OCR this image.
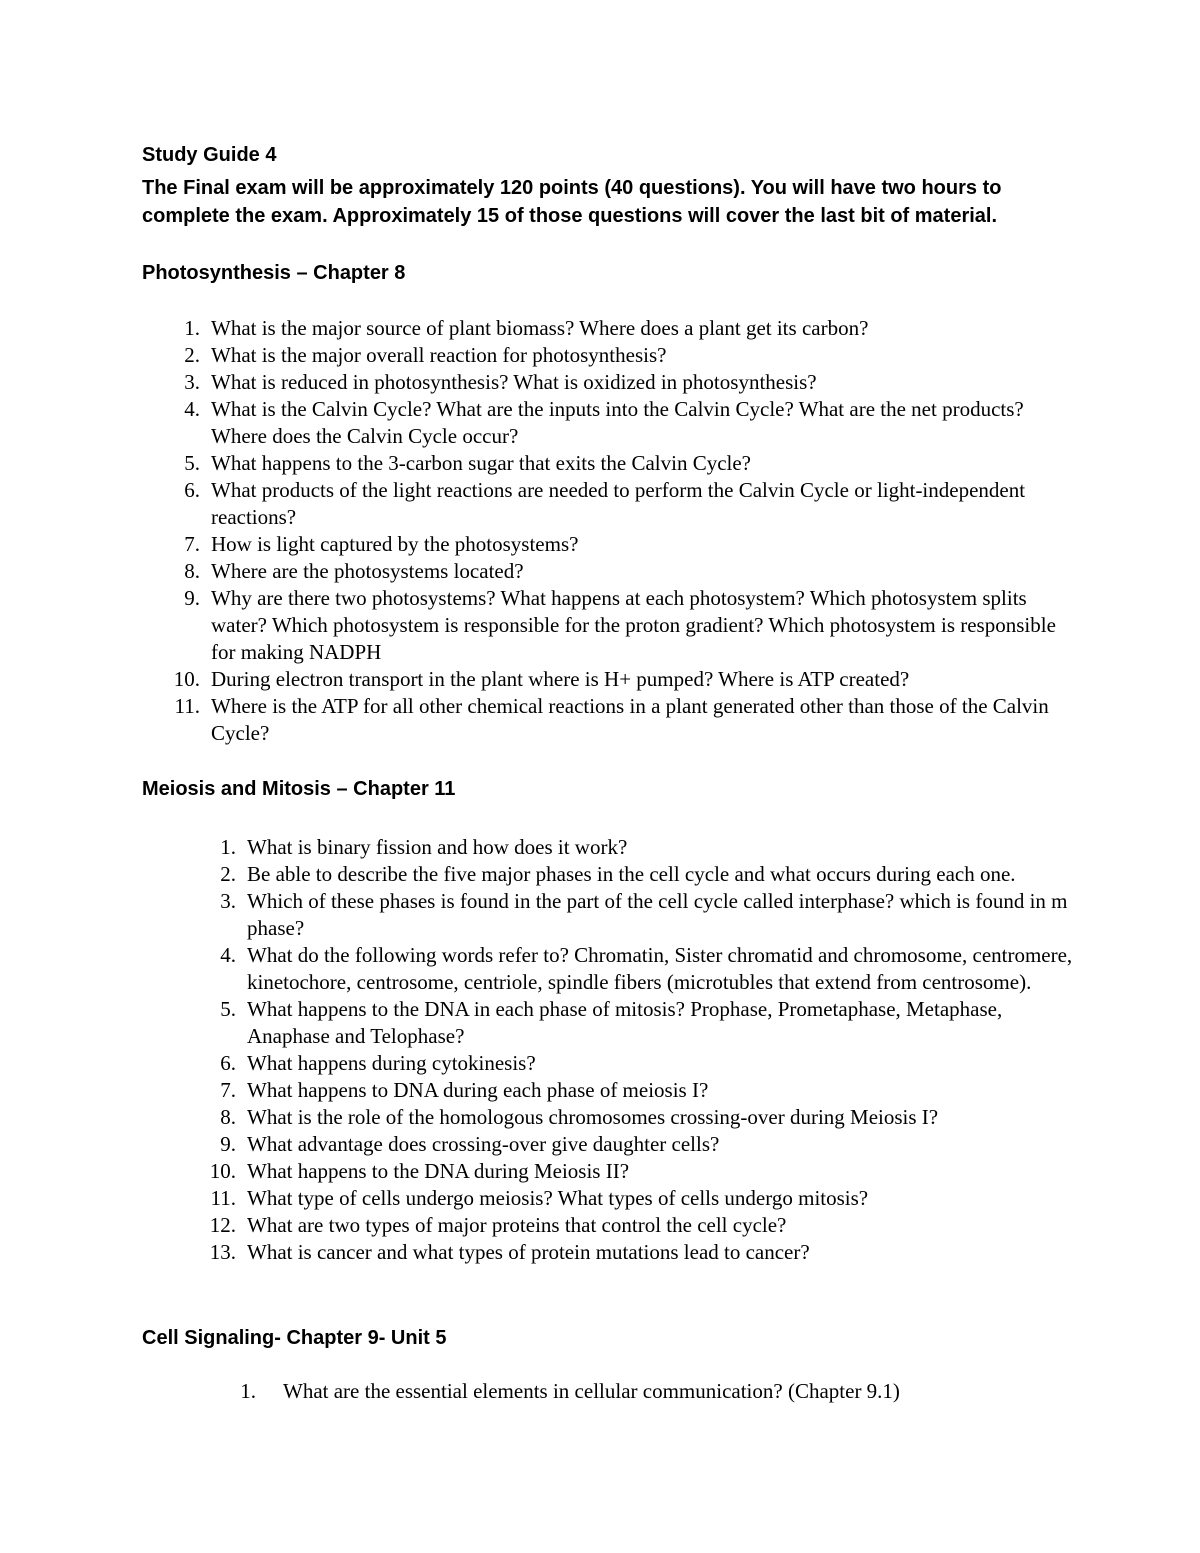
Study Guide 4
The Final exam will be approximately 120 points (40 questions). You will have two hours to complete the exam. Approximately 15 of those questions will cover the last bit of material.
Photosynthesis – Chapter 8
1. What is the major source of plant biomass? Where does a plant get its carbon?
2. What is the major overall reaction for photosynthesis?
3. What is reduced in photosynthesis? What is oxidized in photosynthesis?
4. What is the Calvin Cycle? What are the inputs into the Calvin Cycle? What are the net products? Where does the Calvin Cycle occur?
5. What happens to the 3-carbon sugar that exits the Calvin Cycle?
6. What products of the light reactions are needed to perform the Calvin Cycle or light-independent reactions?
7. How is light captured by the photosystems?
8. Where are the photosystems located?
9. Why are there two photosystems? What happens at each photosystem? Which photosystem splits water? Which photosystem is responsible for the proton gradient? Which photosystem is responsible for making NADPH
10. During electron transport in the plant where is H+ pumped? Where is ATP created?
11. Where is the ATP for all other chemical reactions in a plant generated other than those of the Calvin Cycle?
Meiosis and Mitosis – Chapter 11
1. What is binary fission and how does it work?
2. Be able to describe the five major phases in the cell cycle and what occurs during each one.
3. Which of these phases is found in the part of the cell cycle called interphase? which is found in m phase?
4. What do the following words refer to? Chromatin, Sister chromatid and chromosome, centromere, kinetochore, centrosome, centriole, spindle fibers (microtubles that extend from centrosome).
5. What happens to the DNA in each phase of mitosis? Prophase, Prometaphase, Metaphase, Anaphase and Telophase?
6. What happens during cytokinesis?
7. What happens to DNA during each phase of meiosis I?
8. What is the role of the homologous chromosomes crossing-over during Meiosis I?
9. What advantage does crossing-over give daughter cells?
10. What happens to the DNA during Meiosis II?
11. What type of cells undergo meiosis? What types of cells undergo mitosis?
12. What are two types of major proteins that control the cell cycle?
13. What is cancer and what types of protein mutations lead to cancer?
Cell Signaling- Chapter 9- Unit 5
1. What are the essential elements in cellular communication? (Chapter 9.1)
